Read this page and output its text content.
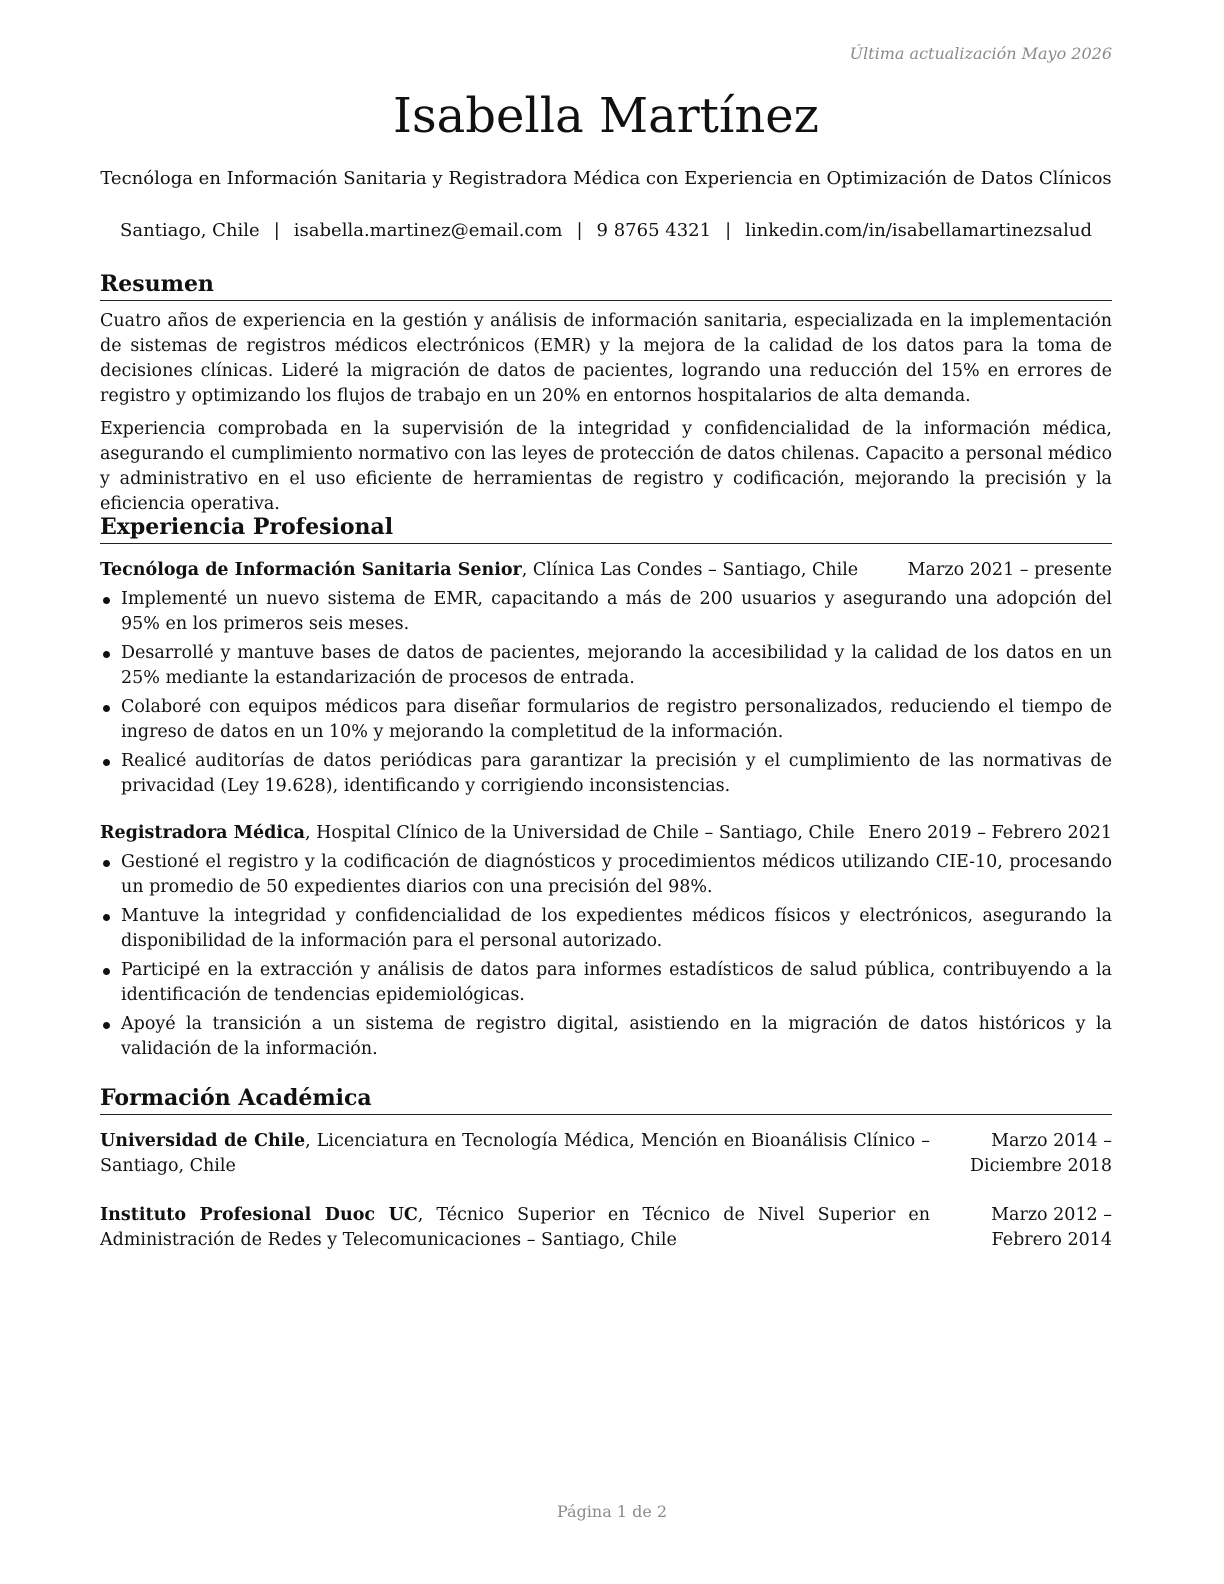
Última actualización Mayo 2026
Isabella Martínez
Tecnóloga en Información Sanitaria y Registradora Médica con Experiencia en Optimización de Datos Clínicos
Santiago, Chile | isabella.martinez@email.com | 9 8765 4321 | linkedin.com/in/isabellamartinezsalud
Resumen

Cuatro años de experiencia en la gestión y análisis de información sanitaria, especializada en la implementación de sistemas de registros médicos electrónicos (EMR) y la mejora de la calidad de los datos para la toma de decisiones clínicas. Lideré la migración de datos de pacientes, logrando una reducción del 15% en errores de registro y optimizando los flujos de trabajo en un 20% en entornos hospitalarios de alta demanda.

Experiencia comprobada en la supervisión de la integridad y confidencialidad de la información médica, asegurando el cumplimiento normativo con las leyes de protección de datos chilenas. Capacito a personal médico y administrativo en el uso eficiente de herramientas de registro y codificación, mejorando la precisión y la eficiencia operativa.

Experiencia Profesional
Tecnóloga de Información Sanitaria Senior, Clínica Las Condes – Santiago, Chile	Marzo 2021 – presente
Implementé un nuevo sistema de EMR, capacitando a más de 200 usuarios y asegurando una adopción del 95% en los primeros seis meses.
Desarrollé y mantuve bases de datos de pacientes, mejorando la accesibilidad y la calidad de los datos en un 25% mediante la estandarización de procesos de entrada.
Colaboré con equipos médicos para diseñar formularios de registro personalizados, reduciendo el tiempo de ingreso de datos en un 10% y mejorando la completitud de la información.
Realicé auditorías de datos periódicas para garantizar la precisión y el cumplimiento de las normativas de privacidad (Ley 19.628), identificando y corrigiendo inconsistencias.
Registradora Médica, Hospital Clínico de la Universidad de Chile – Santiago, Chile Enero 2019 – Febrero 2021
Gestioné el registro y la codificación de diagnósticos y procedimientos médicos utilizando CIE-10, procesando un promedio de 50 expedientes diarios con una precisión del 98%.
Mantuve la integridad y confidencialidad de los expedientes médicos físicos y electrónicos, asegurando la disponibilidad de la información para el personal autorizado.
Participé en la extracción y análisis de datos para informes estadísticos de salud pública, contribuyendo a la identificación de tendencias epidemiológicas.
Apoyé la transición a un sistema de registro digital, asistiendo en la migración de datos históricos y la validación de la información.
Formación Académica
Universidad de Chile, Licenciatura en Tecnología Médica, Mención en Bioanálisis Clínico – Santiago, Chile
Marzo 2014 – Diciembre 2018
Instituto Profesional Duoc UC, Técnico Superior en Técnico de Nivel Superior en Administración de Redes y Telecomunicaciones – Santiago, Chile
Marzo 2012 – Febrero 2014
Página 1 de 2
